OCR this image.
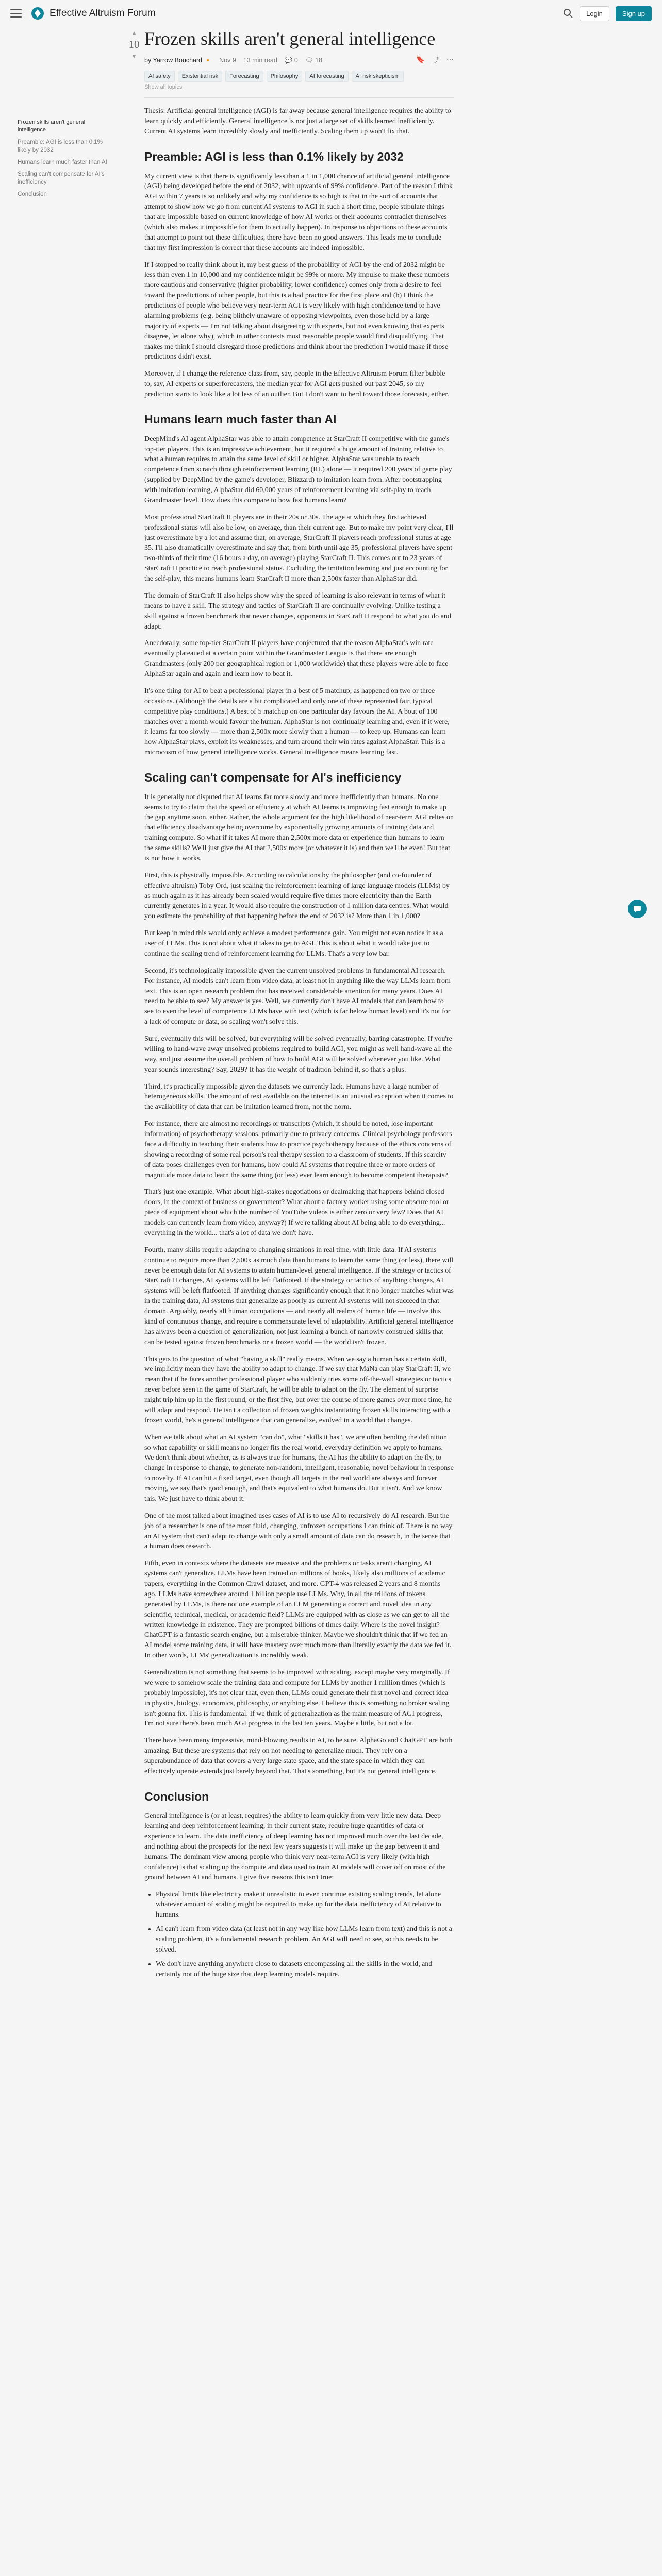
Effective Altruism Forum	Login	Sign up
Frozen skills aren't general intelligence
Preamble: AGI is less than 0.1% likely by 2032
Humans learn much faster than AI
Scaling can't compensate for AI's inefficiency
Conclusion
▲
10
▼
Frozen skills aren't general intelligence
by Yarrow Bouchard 🔸 Nov 9 13 min read 💬 0 🗨 18	🔖 ⤴ ⋯
AI safety	Existential risk	Forecasting	Philosophy	AI forecasting	AI risk skepticism
Show all topics

Thesis: Artificial general intelligence (AGI) is far away because general intelligence requires the ability to learn quickly and efficiently. General intelligence is not just a large set of skills learned inefficiently. Current AI systems learn incredibly slowly and inefficiently. Scaling them up won't fix that.

Preamble: AGI is less than 0.1% likely by 2032

My current view is that there is significantly less than a 1 in 1,000 chance of artificial general intelligence (AGI) being developed before the end of 2032, with upwards of 99% confidence. Part of the reason I think AGI within 7 years is so unlikely and why my confidence is so high is that in the sort of accounts that attempt to show how we go from current AI systems to AGI in such a short time, people stipulate things that are impossible based on current knowledge of how AI works or their accounts contradict themselves (which also makes it impossible for them to actually happen). In response to objections to these accounts that attempt to point out these difficulties, there have been no good answers. This leads me to conclude that my first impression is correct that these accounts are indeed impossible.

If I stopped to really think about it, my best guess of the probability of AGI by the end of 2032 might be less than even 1 in 10,000 and my confidence might be 99% or more. My impulse to make these numbers more cautious and conservative (higher probability, lower confidence) comes only from a desire to feel toward the predictions of other people, but this is a bad practice for the first place and (b) I think the predictions of people who believe very near-term AGI is very likely with high confidence tend to have alarming problems (e.g. being blithely unaware of opposing viewpoints, even those held by a large majority of experts — I'm not talking about disagreeing with experts, but not even knowing that experts disagree, let alone why), which in other contexts most reasonable people would find disqualifying. That makes me think I should disregard those predictions and think about the prediction I would make if those predictions didn't exist.

Moreover, if I change the reference class from, say, people in the Effective Altruism Forum filter bubble to, say, AI experts or superforecasters, the median year for AGI gets pushed out past 2045, so my prediction starts to look like a lot less of an outlier. But I don't want to herd toward those forecasts, either.

Humans learn much faster than AI

DeepMind's AI agent AlphaStar was able to attain competence at StarCraft II competitive with the game's top-tier players. This is an impressive achievement, but it required a huge amount of training relative to what a human requires to attain the same level of skill or higher. AlphaStar was unable to reach competence from scratch through reinforcement learning (RL) alone — it required 200 years of game play (supplied by DeepMind by the game's developer, Blizzard) to imitation learn from. After bootstrapping with imitation learning, AlphaStar did 60,000 years of reinforcement learning via self-play to reach Grandmaster level. How does this compare to how fast humans learn?

Most professional StarCraft II players are in their 20s or 30s. The age at which they first achieved professional status will also be low, on average, than their current age. But to make my point very clear, I'll just overestimate by a lot and assume that, on average, StarCraft II players reach professional status at age 35. I'll also dramatically overestimate and say that, from birth until age 35, professional players have spent two-thirds of their time (16 hours a day, on average) playing StarCraft II. This comes out to 23 years of StarCraft II practice to reach professional status. Excluding the imitation learning and just accounting for the self-play, this means humans learn StarCraft II more than 2,500x faster than AlphaStar did.

The domain of StarCraft II also helps show why the speed of learning is also relevant in terms of what it means to have a skill. The strategy and tactics of StarCraft II are continually evolving. Unlike testing a skill against a frozen benchmark that never changes, opponents in StarCraft II respond to what you do and adapt.

Anecdotally, some top-tier StarCraft II players have conjectured that the reason AlphaStar's win rate eventually plateaued at a certain point within the Grandmaster League is that there are enough Grandmasters (only 200 per geographical region or 1,000 worldwide) that these players were able to face AlphaStar again and again and learn how to beat it.

It's one thing for AI to beat a professional player in a best of 5 matchup, as happened on two or three occasions. (Although the details are a bit complicated and only one of these represented fair, typical competitive play conditions.) A best of 5 matchup on one particular day favours the AI. A bout of 100 matches over a month would favour the human. AlphaStar is not continually learning and, even if it were, it learns far too slowly — more than 2,500x more slowly than a human — to keep up. Humans can learn how AlphaStar plays, exploit its weaknesses, and turn around their win rates against AlphaStar. This is a microcosm of how general intelligence works. General intelligence means learning fast.

Scaling can't compensate for AI's inefficiency

It is generally not disputed that AI learns far more slowly and more inefficiently than humans. No one seems to try to claim that the speed or efficiency at which AI learns is improving fast enough to make up the gap anytime soon, either. Rather, the whole argument for the high likelihood of near-term AGI relies on that efficiency disadvantage being overcome by exponentially growing amounts of training data and training compute. So what if it takes AI more than 2,500x more data or experience than humans to learn the same skills? We'll just give the AI that 2,500x more (or whatever it is) and then we'll be even! But that is not how it works.

First, this is physically impossible. According to calculations by the philosopher (and co-founder of effective altruism) Toby Ord, just scaling the reinforcement learning of large language models (LLMs) by as much again as it has already been scaled would require five times more electricity than the Earth currently generates in a year. It would also require the construction of 1 million data centres. What would you estimate the probability of that happening before the end of 2032 is? More than 1 in 1,000?

But keep in mind this would only achieve a modest performance gain. You might not even notice it as a user of LLMs. This is not about what it takes to get to AGI. This is about what it would take just to continue the scaling trend of reinforcement learning for LLMs. That's a very low bar.

Second, it's technologically impossible given the current unsolved problems in fundamental AI research. For instance, AI models can't learn from video data, at least not in anything like the way LLMs learn from text. This is an open research problem that has received considerable attention for many years. Does AI need to be able to see? My answer is yes. Well, we currently don't have AI models that can learn how to see to even the level of competence LLMs have with text (which is far below human level) and it's not for a lack of compute or data, so scaling won't solve this.

Sure, eventually this will be solved, but everything will be solved eventually, barring catastrophe. If you're willing to hand-wave away unsolved problems required to build AGI, you might as well hand-wave all the way, and just assume the overall problem of how to build AGI will be solved whenever you like. What year sounds interesting? Say, 2029? It has the weight of tradition behind it, so that's a plus.

Third, it's practically impossible given the datasets we currently lack. Humans have a large number of heterogeneous skills. The amount of text available on the internet is an unusual exception when it comes to the availability of data that can be imitation learned from, not the norm.

For instance, there are almost no recordings or transcripts (which, it should be noted, lose important information) of psychotherapy sessions, primarily due to privacy concerns. Clinical psychology professors face a difficulty in teaching their students how to practice psychotherapy because of the ethics concerns of showing a recording of some real person's real therapy session to a classroom of students. If this scarcity of data poses challenges even for humans, how could AI systems that require three or more orders of magnitude more data to learn the same thing (or less) ever learn enough to become competent therapists?

That's just one example. What about high-stakes negotiations or dealmaking that happens behind closed doors, in the context of business or government? What about a factory worker using some obscure tool or piece of equipment about which the number of YouTube videos is either zero or very few? Does that AI models can currently learn from video, anyway?) If we're talking about AI being able to do everything... everything in the world... that's a lot of data we don't have.

Fourth, many skills require adapting to changing situations in real time, with little data. If AI systems continue to require more than 2,500x as much data than humans to learn the same thing (or less), there will never be enough data for AI systems to attain human-level general intelligence. If the strategy or tactics of StarCraft II changes, AI systems will be left flatfooted. If the strategy or tactics of anything changes, AI systems will be left flatfooted. If anything changes significantly enough that it no longer matches what was in the training data, AI systems that generalize as poorly as current AI systems will not succeed in that domain. Arguably, nearly all human occupations — and nearly all realms of human life — involve this kind of continuous change, and require a commensurate level of adaptability. Artificial general intelligence has always been a question of generalization, not just learning a bunch of narrowly construed skills that can be tested against frozen benchmarks or a frozen world — the world isn't frozen.

This gets to the question of what "having a skill" really means. When we say a human has a certain skill, we implicitly mean they have the ability to adapt to change. If we say that MaNa can play StarCraft II, we mean that if he faces another professional player who suddenly tries some off-the-wall strategies or tactics never before seen in the game of StarCraft, he will be able to adapt on the fly. The element of surprise might trip him up in the first round, or the first five, but over the course of more games over more time, he will adapt and respond. He isn't a collection of frozen weights instantiating frozen skills interacting with a frozen world, he's a general intelligence that can generalize, evolved in a world that changes.

When we talk about what an AI system "can do", what "skills it has", we are often bending the definition so what capability or skill means no longer fits the real world, everyday definition we apply to humans. We don't think about whether, as is always true for humans, the AI has the ability to adapt on the fly, to change in response to change, to generate non-random, intelligent, reasonable, novel behaviour in response to novelty. If AI can hit a fixed target, even though all targets in the real world are always and forever moving, we say that's good enough, and that's equivalent to what humans do. But it isn't. And we know this. We just have to think about it.

One of the most talked about imagined uses cases of AI is to use AI to recursively do AI research. But the job of a researcher is one of the most fluid, changing, unfrozen occupations I can think of. There is no way an AI system that can't adapt to change with only a small amount of data can do research, in the sense that a human does research.

Fifth, even in contexts where the datasets are massive and the problems or tasks aren't changing, AI systems can't generalize. LLMs have been trained on millions of books, likely also millions of academic papers, everything in the Common Crawl dataset, and more. GPT-4 was released 2 years and 8 months ago. LLMs have somewhere around 1 billion people use LLMs. Why, in all the trillions of tokens generated by LLMs, is there not one example of an LLM generating a correct and novel idea in any scientific, technical, medical, or academic field? LLMs are equipped with as close as we can get to all the written knowledge in existence. They are prompted billions of times daily. Where is the novel insight? ChatGPT is a fantastic search engine, but a miserable thinker. Maybe we shouldn't think that if we fed an AI model some training data, it will have mastery over much more than literally exactly the data we fed it. In other words, LLMs' generalization is incredibly weak.

Generalization is not something that seems to be improved with scaling, except maybe very marginally. If we were to somehow scale the training data and compute for LLMs by another 1 million times (which is probably impossible), it's not clear that, even then, LLMs could generate their first novel and correct idea in physics, biology, economics, philosophy, or anything else. I believe this is something no broker scaling isn't gonna fix. This is fundamental. If we think of generalization as the main measure of AGI progress, I'm not sure there's been much AGI progress in the last ten years. Maybe a little, but not a lot.

There have been many impressive, mind-blowing results in AI, to be sure. AlphaGo and ChatGPT are both amazing. But these are systems that rely on not needing to generalize much. They rely on a superabundance of data that covers a very large state space, and the state space in which they can effectively operate extends just barely beyond that. That's something, but it's not general intelligence.

Conclusion

General intelligence is (or at least, requires) the ability to learn quickly from very little new data. Deep learning and deep reinforcement learning, in their current state, require huge quantities of data or experience to learn. The data inefficiency of deep learning has not improved much over the last decade, and nothing about the prospects for the next few years suggests it will make up the gap between it and humans. The dominant view among people who think very near-term AGI is very likely (with high confidence) is that scaling up the compute and data used to train AI models will cover off on most of the ground between AI and humans. I give five reasons this isn't true:

• Physical limits like electricity make it unrealistic to even continue existing scaling trends, let alone whatever amount of scaling might be required to make up for the data inefficiency of AI relative to humans.
• AI can't learn from video data (at least not in any way like how LLMs learn from text) and this is not a scaling problem, it's a fundamental research problem. An AGI will need to see, so this needs to be solved.
• We don't have anything anywhere close to datasets encompassing all the skills in the world, and certainly not of the huge size that deep learning models require.
